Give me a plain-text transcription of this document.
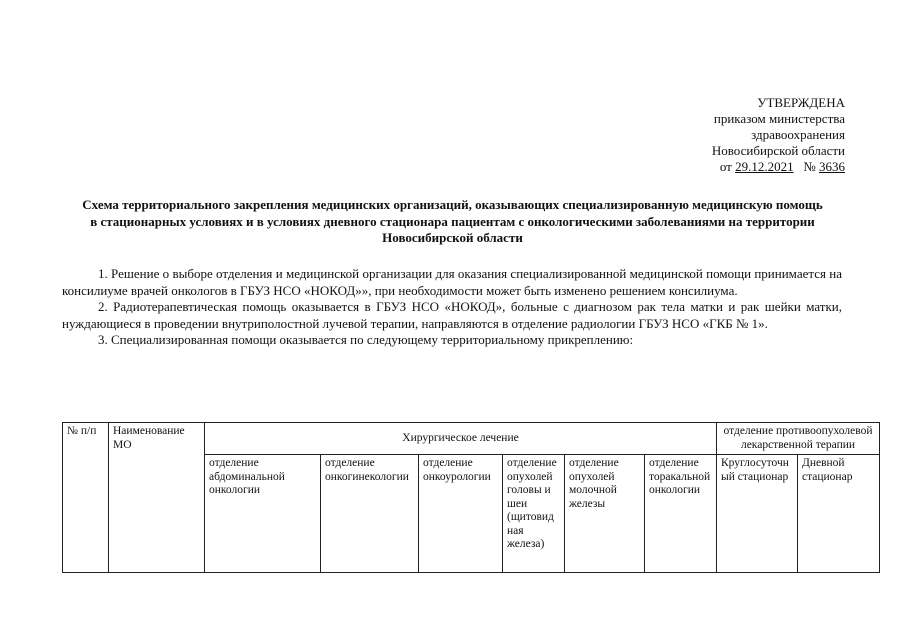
УТВЕРЖДЕНА
приказом министерства
здравоохранения
Новосибирской области
от 29.12.2021 № 3636
Схема территориального закрепления медицинских организаций, оказывающих специализированную медицинскую помощь в стационарных условиях и в условиях дневного стационара пациентам с онкологическими заболеваниями на территории Новосибирской области

1. Решение о выборе отделения и медицинской организации для оказания специализированной медицинской помощи принимается на консилиуме врачей онкологов в ГБУЗ НСО «НОКОД»», при необходимости может быть изменено решением консилиума.

2. Радиотерапевтическая помощь оказывается в ГБУЗ НСО «НОКОД», больные с диагнозом рак тела матки и рак шейки матки, нуждающиеся в проведении внутриполостной лучевой терапии, направляются в отделение радиологии ГБУЗ НСО «ГКБ № 1».

3. Специализированная помощи оказывается по следующему территориальному прикреплению:

№ п/п	Наименование МО	Хирургическое лечение						отделение противоопухолевой лекарственной терапии	
		отделение абдоминальной онкологии	отделение онкогинекологии	отделение онкоурологии	отделение опухолей головы и шеи (щитовидная железа)	отделение опухолей молочной железы	отделение торакальной онкологии	Круглосуточный стационар	Дневной стационар
